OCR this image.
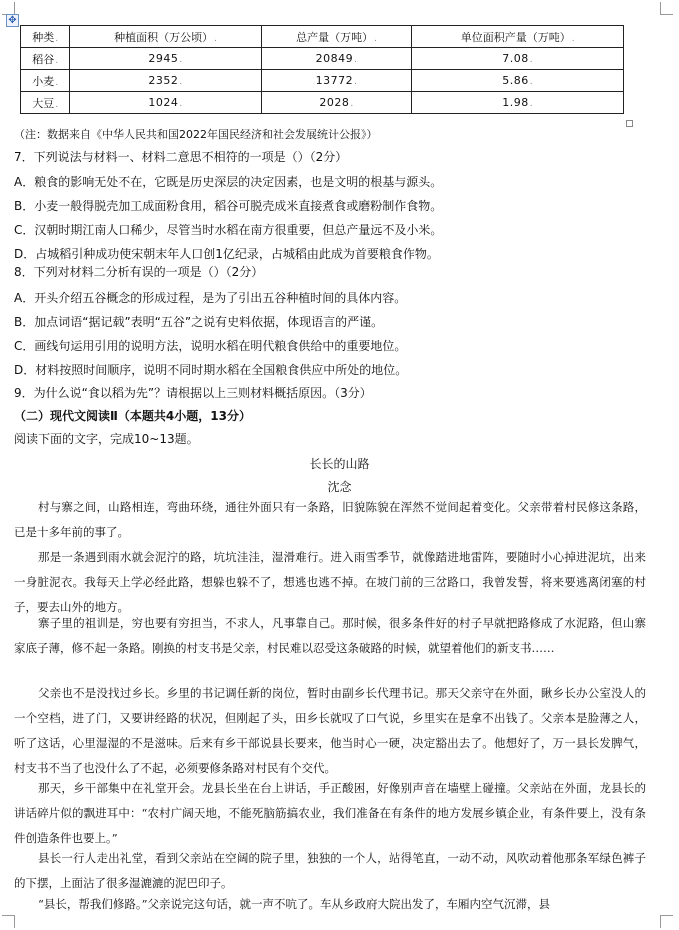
✥
种类.	种植面积（万公顷）.	总产量（万吨）.	单位面积产量（万吨）.
稻谷.	2945.	20849.	7.08.
小麦.	2352.	13772.	5.86.
大豆.	1024.	2028.	1.98.
（注：数据来自《中华人民共和国2022年国民经济和社会发展统计公报》）
7．下列说法与材料一、材料二意思不相符的一项是（）（2分）
A．粮食的影响无处不在，它既是历史深层的决定因素，也是文明的根基与源头。
B．小麦一般得脱壳加工成面粉食用，稻谷可脱壳成米直接煮食或磨粉制作食物。
C．汉朝时期江南人口稀少，尽管当时水稻在南方很重要，但总产量远不及小米。
D．占城稻引种成功使宋朝末年人口创1亿纪录，占城稻由此成为首要粮食作物。
8．下列对材料二分析有误的一项是（）（2分）
A．开头介绍五谷概念的形成过程，是为了引出五谷种植时间的具体内容。
B．加点词语“据记载”表明“五谷”之说有史料依据，体现语言的严谨。
C．画线句运用引用的说明方法，说明水稻在明代粮食供给中的重要地位。
D．材料按照时间顺序，说明不同时期水稻在全国粮食供应中所处的地位。
9．为什么说“食以稻为先”？请根据以上三则材料概括原因。（3分）
（二）现代文阅读Ⅱ（本题共4小题，13分）
阅读下面的文字，完成10~13题。
长长的山路
沈念
村与寨之间，山路相连，弯曲环绕，通往外面只有一条路，旧貌陈貌在浑然不觉间起着变化。父亲带着村民修这条路，已是十多年前的事了。
那是一条遇到雨水就会泥泞的路，坑坑洼洼，湿滑难行。进入雨雪季节，就像踏进地雷阵，要随时小心掉进泥坑，出来一身脏泥衣。我每天上学必经此路，想躲也躲不了，想逃也逃不掉。在坡门前的三岔路口，我曾发誓，将来要逃离闭塞的村子，要去山外的地方。
寨子里的祖训是，穷也要有穷担当，不求人，凡事靠自己。那时候，很多条件好的村子早就把路修成了水泥路，但山寨家底子薄，修不起一条路。刚换的村支书是父亲，村民难以忍受这条破路的时候，就望着他们的新支书……
父亲也不是没找过乡长。乡里的书记调任新的岗位，暂时由副乡长代理书记。那天父亲守在外面，瞅乡长办公室没人的一个空档，进了门，又要讲经路的状况，但刚起了头，田乡长就叹了口气说，乡里实在是拿不出钱了。父亲本是脸薄之人，听了这话，心里湿湿的不是滋味。后来有乡干部说县长要来，他当时心一硬，决定豁出去了。他想好了，万一县长发脾气，村支书不当了也没什么了不起，必须要修条路对村民有个交代。
那天，乡干部集中在礼堂开会。龙县长坐在台上讲话，手正酸困，好像别声音在墙壁上碰撞。父亲站在外面，龙县长的讲话碎片似的飘进耳中：“农村广阔天地，不能死脑筋搞农业，我们准备在有条件的地方发展乡镇企业，有条件要上，没有条件创造条件也要上。”
县长一行人走出礼堂，看到父亲站在空阔的院子里，独独的一个人，站得笔直，一动不动，风吹动着他那条军绿色裤子的下摆，上面沾了很多湿漉漉的泥巴印子。
“县长，帮我们修路。”父亲说完这句话，就一声不吭了。车从乡政府大院出发了，车厢内空气沉滞，县
